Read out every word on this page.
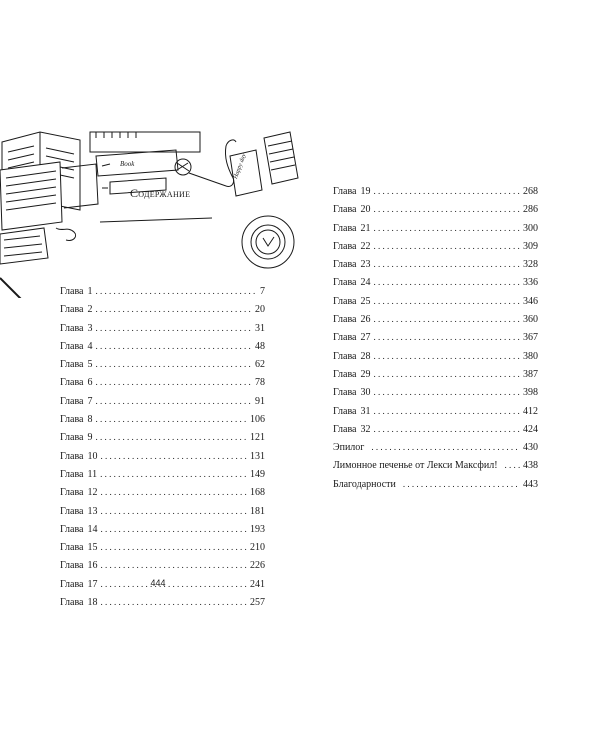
Book	Happy day
Содержание
Глава 1 . . .	7
Глава 2 . . .	20
Глава 3 . . .	31
Глава 4 . . .	48
Глава 5 . . .	62
Глава 6 . . .	78
Глава 7 . . .	91
Глава 8 . . .	106
Глава 9 . . .	121
Глава 10 . . .	131
Глава 11 . . .	149
Глава 12 . . .	168
Глава 13 . . .	181
Глава 14 . . .	193
Глава 15 . . .	210
Глава 16 . . .	226
Глава 17 . . .	241
Глава 18 . . .	257
444
Глава 19 . . .	268
Глава 20 . . .	286
Глава 21 . . .	300
Глава 22 . . .	309
Глава 23 . . .	328
Глава 24 . . .	336
Глава 25 . . .	346
Глава 26 . . .	360
Глава 27 . . .	367
Глава 28 . . .	380
Глава 29 . . .	387
Глава 30 . . .	398
Глава 31 . . .	412
Глава 32 . . .	424
Эпилог . . .	430
Лимонное печенье от Лекси Максфил! . . .	438
Благодарности . . .	443
